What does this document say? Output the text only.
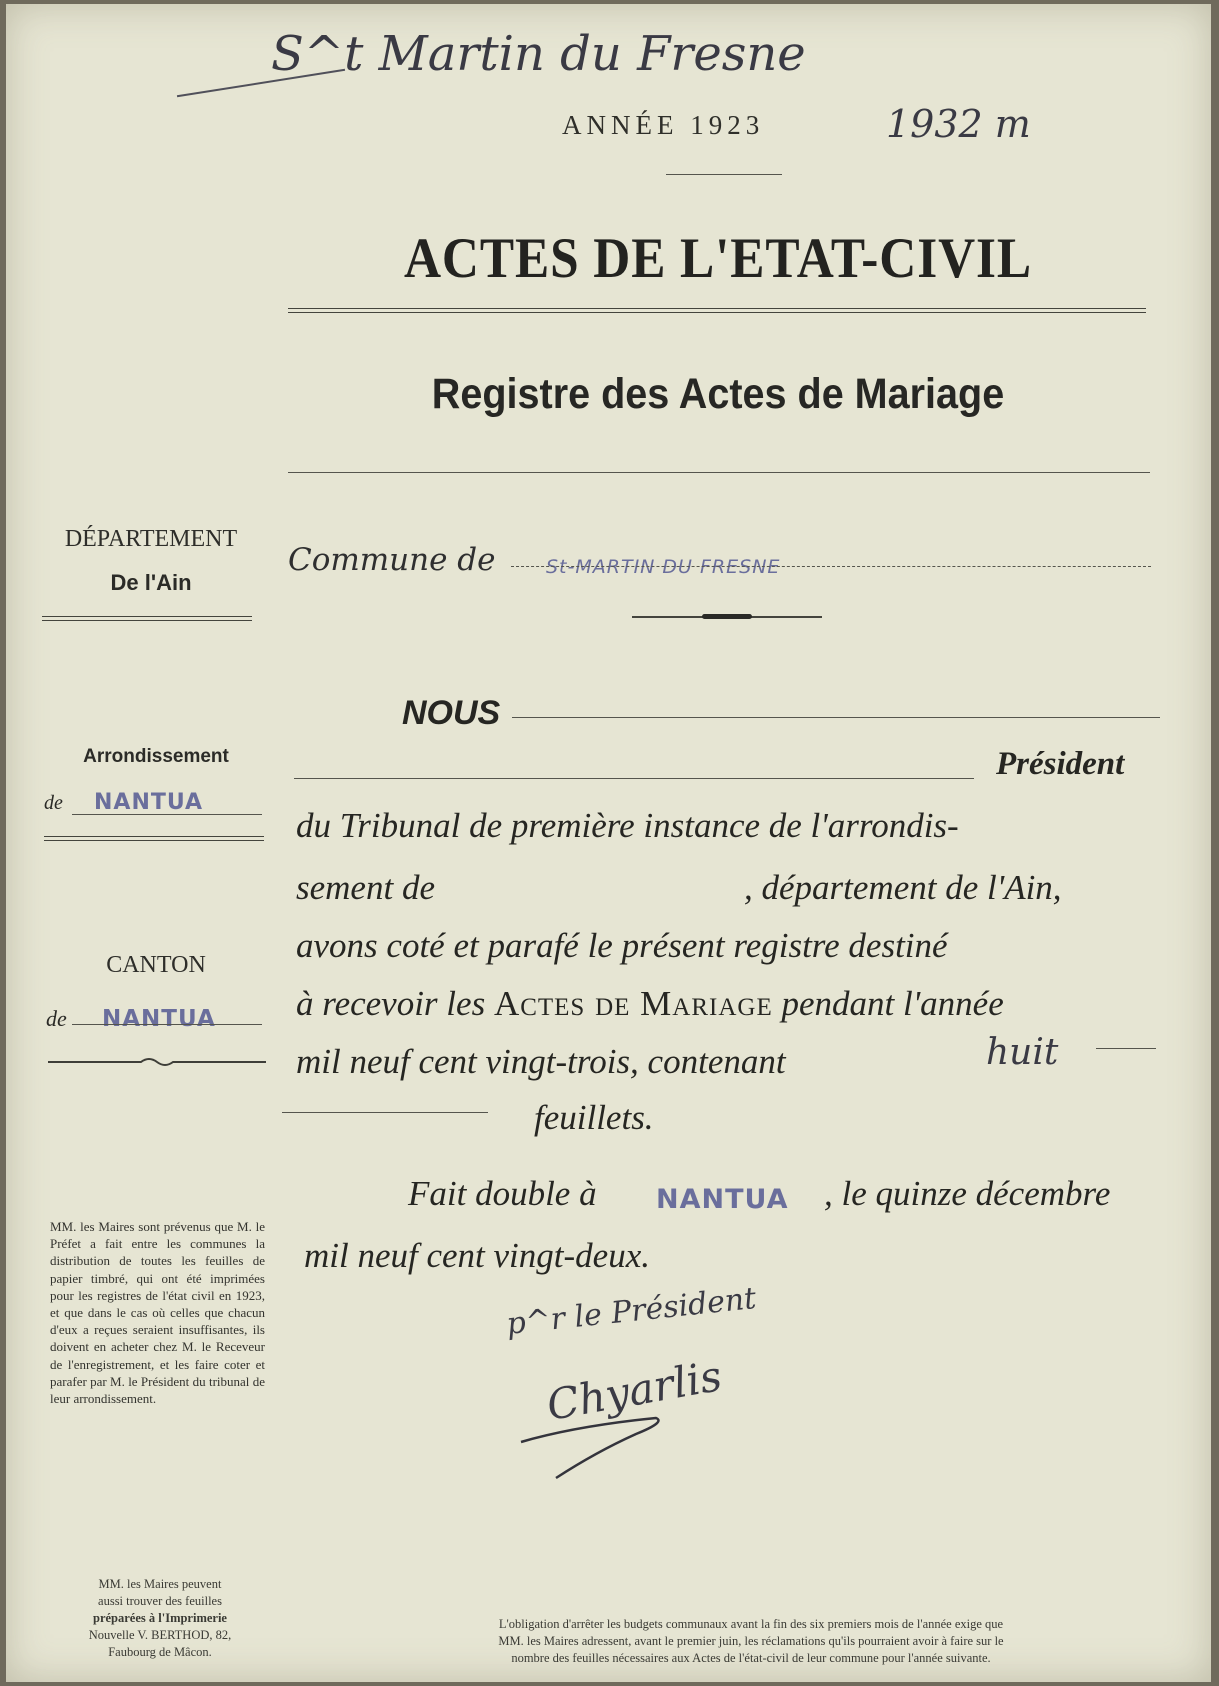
S^t Martin du Fresne
ANNÉE 1923	1932 m
ACTES DE L'ETAT-CIVIL
Registre des Actes de Mariage
DÉPARTEMENT
De l'Ain
Arrondissement
de NANTUA
CANTON
de NANTUA
MM. les Maires sont prévenus que M. le Préfet a fait entre les communes la distribution de toutes les feuilles de papier timbré, qui ont été imprimées pour les registres de l'état civil en 1923, et que dans le cas où celles que chacun d'eux a reçues seraient insuffisantes, ils doivent en acheter chez M. le Receveur de l'enregistrement, et les faire coter et parafer par M. le Président du tribunal de leur arrondissement.
MM. les Maires peuvent
aussi trouver des feuilles
préparées à l'Imprimerie
Nouvelle V. BERTHOD, 82,
Faubourg de Mâcon.
Commune de	St-MARTIN DU FRESNE
NOUS
Président
du Tribunal de première instance de l'arrondis-
sement de	, département de l'Ain,
avons coté et parafé le présent registre destiné
à recevoir les Actes de Mariage pendant l'année
mil neuf cent vingt-trois, contenant	huit
feuillets.
Fait double à NANTUA , le quinze décembre
mil neuf cent vingt-deux.
p^r le Président
Chyarlis
L'obligation d'arrêter les budgets communaux avant la fin des six premiers mois de l'année exige que
MM. les Maires adressent, avant le premier juin, les réclamations qu'ils pourraient avoir à faire sur le
nombre des feuilles nécessaires aux Actes de l'état-civil de leur commune pour l'année suivante.
